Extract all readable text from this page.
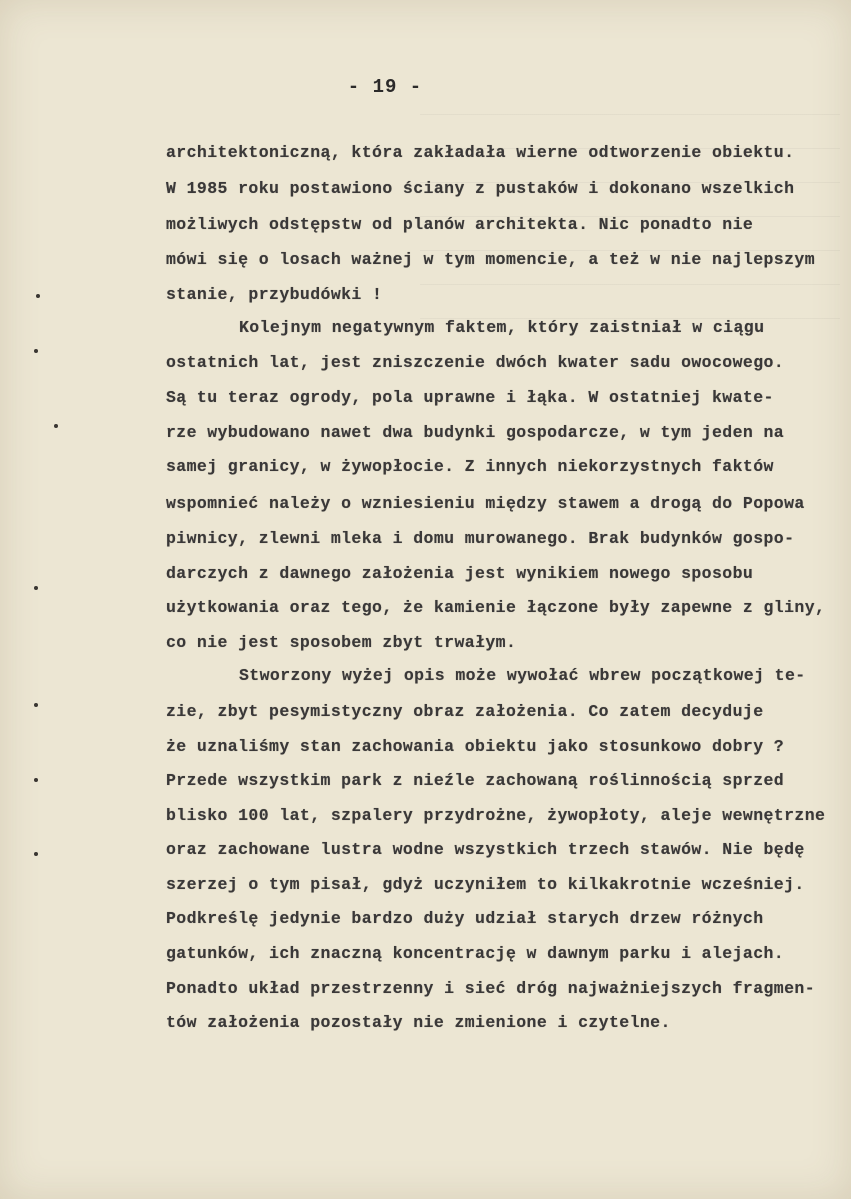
- 19 -
architektoniczną, która zakładała wierne odtworzenie obiektu.
W 1985 roku postawiono ściany z pustaków i dokonano wszelkich
możliwych odstępstw od planów architekta. Nic ponadto nie
mówi się o losach ważnej w tym momencie, a też w nie najlepszym
stanie, przybudówki !
Kolejnym negatywnym faktem, który zaistniał w ciągu
ostatnich lat, jest zniszczenie dwóch kwater sadu owocowego.
Są tu teraz ogrody, pola uprawne i łąka. W ostatniej kwate-
rze wybudowano nawet dwa budynki gospodarcze, w tym jeden na
samej granicy, w żywopłocie. Z innych niekorzystnych faktów
wspomnieć należy o wzniesieniu między stawem a drogą do Popowa
piwnicy, zlewni mleka i domu murowanego. Brak budynków gospo-
darczych z dawnego założenia jest wynikiem nowego sposobu
użytkowania oraz tego, że kamienie łączone były zapewne z gliny,
co nie jest sposobem zbyt trwałym.
Stworzony wyżej opis może wywołać wbrew początkowej te-
zie, zbyt pesymistyczny obraz założenia. Co zatem decyduje
że uznaliśmy stan zachowania obiektu jako stosunkowo dobry ?
Przede wszystkim park z nieźle zachowaną roślinnością sprzed
blisko 100 lat, szpalery przydrożne, żywopłoty, aleje wewnętrzne
oraz zachowane lustra wodne wszystkich trzech stawów. Nie będę
szerzej o tym pisał, gdyż uczyniłem to kilkakrotnie wcześniej.
Podkreślę jedynie bardzo duży udział starych drzew różnych
gatunków, ich znaczną koncentrację w dawnym parku i alejach.
Ponadto układ przestrzenny i sieć dróg najważniejszych fragmen-
tów założenia pozostały nie zmienione i czytelne.
